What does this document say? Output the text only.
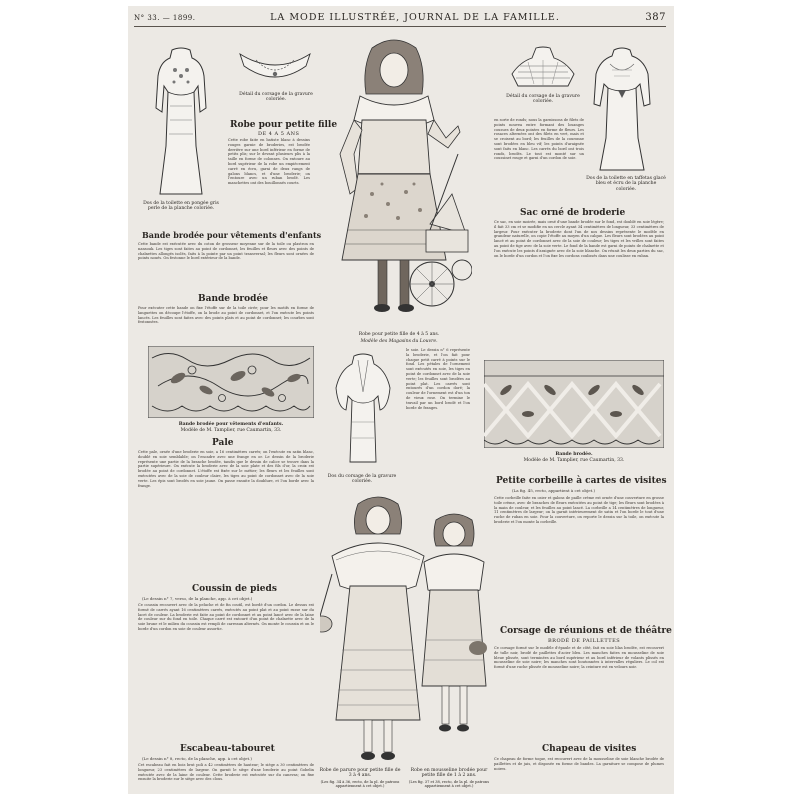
N° 33. — 1899.	LA MODE ILLUSTRÉE, JOURNAL DE LA FAMILLE.	387
Dos de la toilette en pongée gris perle de la planche coloriée.
Détail du corsage de la gravure coloriée.
Robe pour petite fille
DE 4 A 5 ANS
Cette robe faite en batiste blanc à dessins rouges garnie de broderies, est brodée derrière sur une bord inférieur en forme de petits plis; sur le devant plusieurs plis à la taille en forme de colonnes. On entoure au bord supérieur de la robe un empiècement carré en écru, garni de deux rangs de galons blancs, et d'une broderie; on l'entoure avec un ruban brodé. Les manchettes ont des bouillonnés courts.
Bande brodée pour vêtements d'enfants
Cette bande est exécutée avec du coton de grosseur moyenne sur de la toile ou plastron en nansouk. Les tiges sont faites au point de cordonnet, les feuilles et fleurs avec des points de chaînettes allongés isolés, faits à la pointe par un point transversal; les fleurs sont ornées de points noués. On festonne le bord extérieur de la bande.
Bande brodée
Pour exécuter cette bande on fixe l'étoffe sur de la toile cirée; pour les motifs en forme de languettes on découpe l'étoffe, on la brode au point de cordonnet, et l'on exécute les points lancés. Les feuilles sont faites avec des points plats et au point de cordonnet; les courbes sont festonnées.
Bande brodée pour vêtements d'enfants.
Modèle de M. Tamplier, rue Caumartin, 33.
Pale
Cette pale, ornée d'une broderie en soie, a 16 centimètres carrés; on l'exécute en satin blanc, doublé en soie semblable; on l'encadre avec une frange en or. Le dessin de la broderie représente une partie de la branche brodée, tandis que le dessin de calice se trouve dans la partie supérieure. On exécute la broderie avec de la soie plate et des fils d'or, la croix est brodée au point de cordonnet. L'étoffe est fixée sur le métier; les fleurs et les feuilles sont exécutées avec de la soie de couleur claire, les tiges au point de cordonnet avec de la soie verte. Les épis sont brodés en soie jaune. On passe ensuite la doublure, et l'on borde avec la frange.
Coussin de pieds
(Le dessin n° 7, verso, de la planche, app. à cet objet.)
Ce coussin recouvert avec de la peluche et de fin coutil, est bordé d'un cordon. Le dessus est formé de carrés ayant 16 centimètres carrés, exécutés au point plat et au point russe sur du lacet de couleur. La broderie est faite au point de cordonnet et au point lancé avec de la laine de couleur sur du fond en toile. Chaque carré est entouré d'un point de chaînette avec de la soie brune et le milieu du coussin est rempli de carreaux alternés. On monte le coussin et on le borde d'un cordon en soie de couleur assortie.
Escabeau-tabouret
(Le dessin n° 8, recto, de la planche, app. à cet objet.)
Cet escabeau fait en bois brut poli a 42 centimètres de hauteur; le siège a 30 centimètres de longueur, 23 centimètres de largeur. On garnit le siège d'une broderie au point Gobelin exécutée avec de la laine de couleur. Cette broderie est exécutée sur du canevas; on fixe ensuite la broderie sur le siège avec des clous.
Robe pour petite fille de 4 à 5 ans.
Modèle des Magasins du Louvre.
Dos du corsage de la gravure coloriée.
le soie. Le dessin n° 6 représente la broderie, et l'on fait pour chaque petit carré à points sur le fond. Les pétales de l'ornement sont exécutés en soie, les tiges en point de cordonnet avec de la soie verte; les feuilles sont brodées au point plat. Les carrés sont entourés d'un cordon doré; la couleur de l'ornement est d'un ton de vieux rose. On termine le travail par un bord brodé et l'on borde de franges.
Robe de parure pour petite fille de 3 à 4 ans.
(Les fig. 34 à 36, recto, de la pl. de patrons appartiennent à cet objet.)
Robe en mousseline brodée pour petite fille de 1 à 2 ans.
(Les fig. 37 et 38, recto, de la pl. de patrons appartiennent à cet objet.)
Détail du corsage de la gravure coloriée.
Dos de la toilette en taffetas glacé bleu et écru de la planche coloriée.
en sorte de ronds; nous la garnissons de filets de points nouvea entre formant des losanges cousues de deux pointes en forme de fleurs. Les rosaces alternées ont des filets en vert, mais et se croisent au bord; les feuilles de la couronne sont brodées en bleu vif; les points d'araignée sont faits en blanc. Les carrés du bord ont trois ronds, brodés. Le tout est monté sur un coussinet rouge et garni d'un cordon de soie.
Sac orné de broderie
Ce sac, en soie moirée, mais orné d'une bande brodée sur le fond, est doublé en soie légère; il fait 33 cm et se modifie en un cercle ayant 34 centimètres de longueur, 33 centimètres de largeur. Pour exécuter la broderie dont l'un de nos dessins représente le modèle en grandeur naturelle, on copie l'étoffe au moyen d'un calque. Les fleurs sont brodées au point lancé et au point de cordonnet avec de la soie de couleur; les tiges et les vrilles sont faites au point de tige avec de la soie verte. Le fond de la bande est garni de points de chaînette et l'on exécute les points d'araignée avec de la soie blanche. On réunit les deux parties du sac, on le borde d'un cordon et l'on fixe les cordons coulissés dans une coulisse en ruban.
Bande brodée.
Modèle de M. Tamplier, rue Caumartin, 33.
Petite corbeille à cartes de visites
(La fig. 45, recto, appartient à cet objet.)
Cette corbeille faite en osier et galons de paille crème est ornée d'une couverture en grosse toile crème, avec de branches de fleurs exécutées au point de tige; les fleurs sont brodées à la main de couleur, et les feuilles au point lancé. La corbeille a 14 centimètres de longueur, 11 centimètres de largeur; on la garnit intérieurement de satin et l'on borde le tout d'une ruche de ruban en soie. Pour la couverture, on reporte le dessin sur la toile, on exécute la broderie et l'on monte la corbeille.
Corsage de réunions et de théâtre
BRODÉ DE PAILLETTES
Ce corsage formé sur le modèle d'épaule et de côté, fait en soie lilas brodée, est recouvert de tulle noir, brodé de paillettes d'acier bleu. Les manches faites en mousseline de soie bleue plissée, sont terminées au bord supérieur et au bord inférieur de volants plissés en mousseline de soie noire; les manches sont boutonnées à intervalles réguliers. Le col est formé d'une ruche plissée de mousseline noire; la ceinture est en velours noir.
Chapeau de visites
Ce chapeau de forme toque, est recouvert avec de la mousseline de soie blanche brodée de paillettes et de jais, et disposée en forme de bandes. La garniture se compose de plumes noires.
